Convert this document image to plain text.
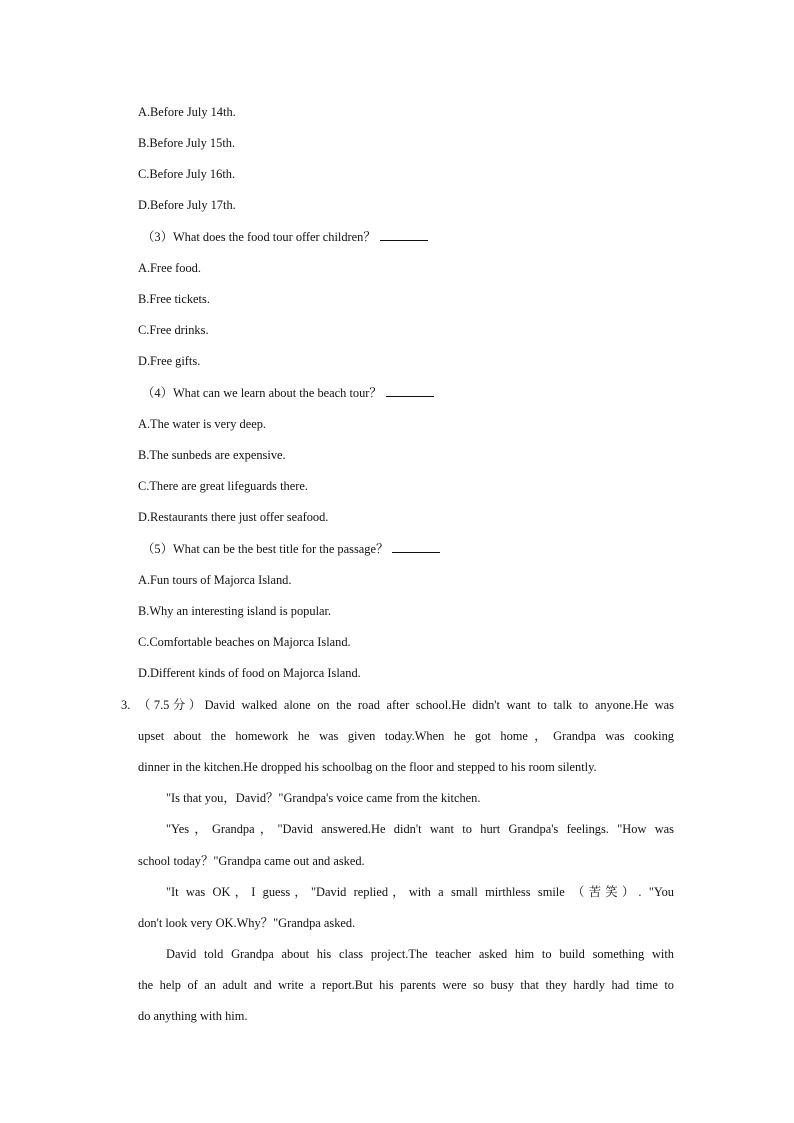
A.Before July 14th.
B.Before July 15th.
C.Before July 16th.
D.Before July 17th.
（3）What does the food tour offer children？
A.Free food.
B.Free tickets.
C.Free drinks.
D.Free gifts.
（4）What can we learn about the beach tour？
A.The water is very deep.
B.The sunbeds are expensive.
C.There are great lifeguards there.
D.Restaurants there just offer seafood.
（5）What can be the best title for the passage？
A.Fun tours of Majorca Island.
B.Why an interesting island is popular.
C.Comfortable beaches on Majorca Island.
D.Different kinds of food on Majorca Island.
3. （7.5分）David walked alone on the road after school.He didn't want to talk to anyone.He was
upset about the homework he was given today.When he got home，Grandpa was cooking
dinner in the kitchen.He dropped his schoolbag on the floor and stepped to his room silently.
"Is that you，David？"Grandpa's voice came from the kitchen.
"Yes，Grandpa，"David answered.He didn't want to hurt Grandpa's feelings. "How was
school today？"Grandpa came out and asked.
"It was OK，I guess，"David replied，with a small mirthless smile （苦笑）. "You
don't look very OK.Why？"Grandpa asked.
David told Grandpa about his class project.The teacher asked him to build something with
the help of an adult and write a report.But his parents were so busy that they hardly had time to
do anything with him.
